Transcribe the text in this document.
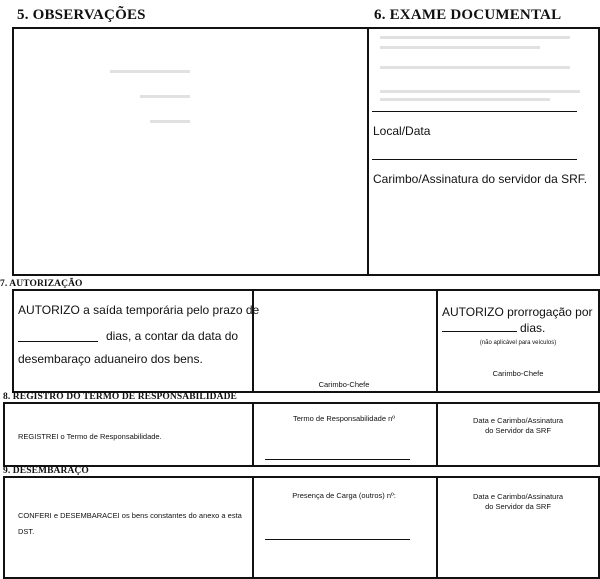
5. OBSERVAÇÕES	6. EXAME DOCUMENTAL
Local/Data
Carimbo/Assinatura do servidor da SRF.
7. AUTORIZAÇÃO
AUTORIZO a saída temporária pelo prazo de
dias, a contar da data do
desembaraço aduaneiro dos bens.
Carimbo-Chefe
AUTORIZO prorrogação por
dias.
(não aplicável para veículos)
Carimbo-Chefe
8. REGISTRO DO TERMO DE RESPONSABILIDADE
REGISTREI o Termo de Responsabilidade.
Termo de Responsabilidade nº	Data e Carimbo/Assinatura
do Servidor da SRF
9. DESEMBARAÇO
CONFERI e DESEMBARACEI os bens constantes do anexo a esta
DST.
Presença de Carga (outros) nº:	Data e Carimbo/Assinatura
do Servidor da SRF
